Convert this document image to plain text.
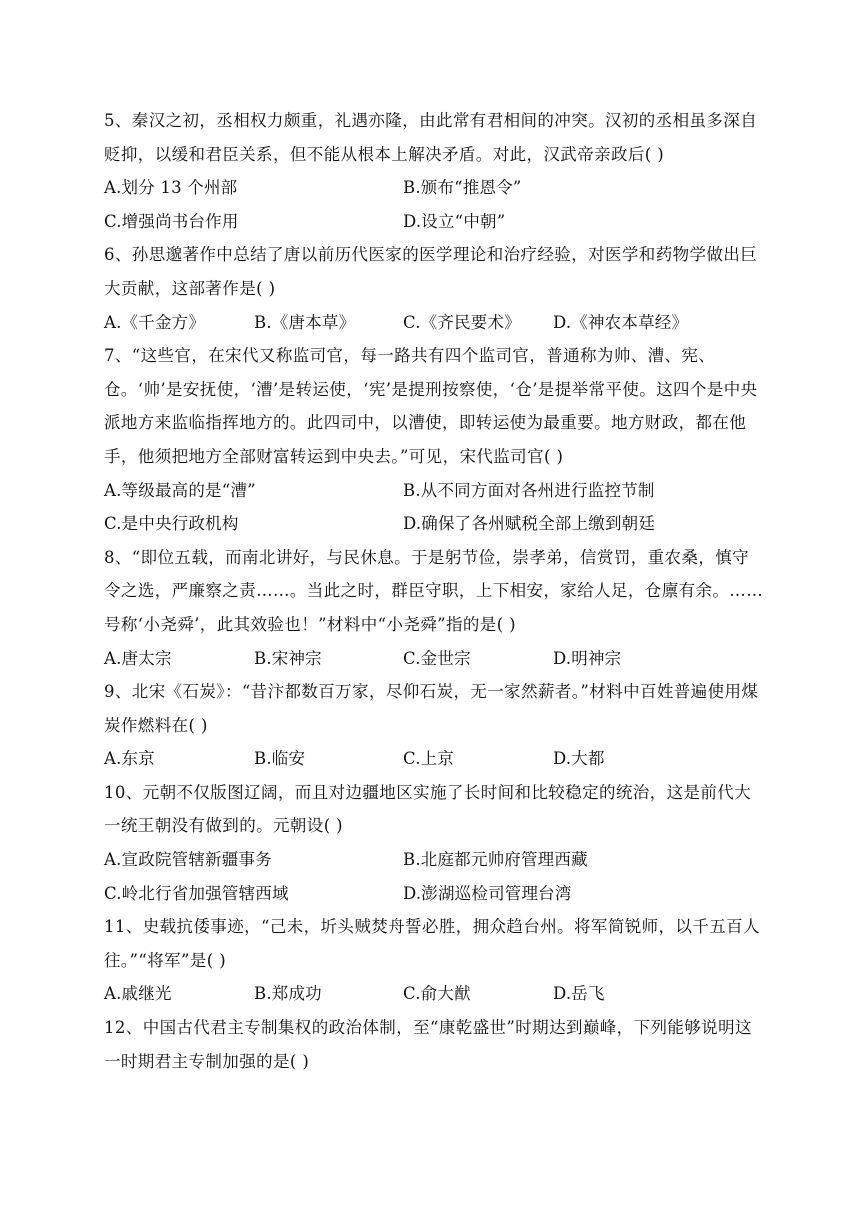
5、秦汉之初，丞相权力颇重，礼遇亦隆，由此常有君相间的冲突。汉初的丞相虽多深自贬抑，以缓和君臣关系，但不能从根本上解决矛盾。对此，汉武帝亲政后( )

A.划分 13 个州部	B.颁布“推恩令”
C.增强尚书台作用	D.设立“中朝”

6、孙思邈著作中总结了唐以前历代医家的医学理论和治疗经验，对医学和药物学做出巨大贡献，这部著作是( )

A.《千金方》	B.《唐本草》	C.《齐民要术》	D.《神农本草经》

7、“这些官，在宋代又称监司官，每一路共有四个监司官，普通称为帅、漕、宪、仓。‘帅’是安抚使，‘漕’是转运使，‘宪’是提刑按察使，‘仓’是提举常平使。这四个是中央派地方来监临指挥地方的。此四司中，以漕使，即转运使为最重要。地方财政，都在他手，他须把地方全部财富转运到中央去。”可见，宋代监司官( )

A.等级最高的是“漕”	B.从不同方面对各州进行监控节制
C.是中央行政机构	D.确保了各州赋税全部上缴到朝廷

8、“即位五载，而南北讲好，与民休息。于是躬节俭，崇孝弟，信赏罚，重农桑，慎守令之选，严廉察之责……。当此之时，群臣守职，上下相安，家给人足，仓廪有余。……号称‘小尧舜’，此其效验也！”材料中“小尧舜”指的是( )

A.唐太宗	B.宋神宗	C.金世宗	D.明神宗

9、北宋《石炭》：“昔汴都数百万家，尽仰石炭，无一家然薪者。”材料中百姓普遍使用煤炭作燃料在( )

A.东京	B.临安	C.上京	D.大都

10、元朝不仅版图辽阔，而且对边疆地区实施了长时间和比较稳定的统治，这是前代大一统王朝没有做到的。元朝设( )

A.宣政院管辖新疆事务	B.北庭都元帅府管理西藏
C.岭北行省加强管辖西域	D.澎湖巡检司管理台湾

11、史载抗倭事迹，“己未，圻头贼焚舟誓必胜，拥众趋台州。将军简锐师，以千五百人往。”“将军”是( )

A.戚继光	B.郑成功	C.俞大猷	D.岳飞

12、中国古代君主专制集权的政治体制，至“康乾盛世”时期达到巅峰，下列能够说明这一时期君主专制加强的是( )
